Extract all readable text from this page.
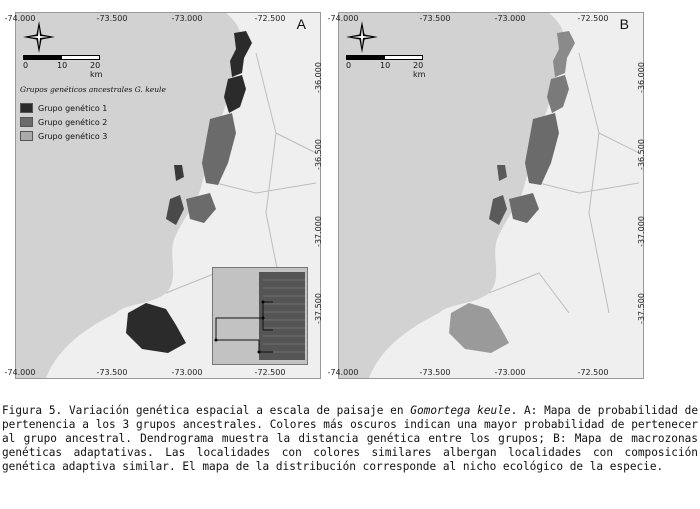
-74.000	-73.500	-73.000	-72.500
-74.000	-73.500	-73.000	-72.500
-36.000
-36.500
-37.000
-37.500
A
0	10	20 km
Grupos genéticos ancestrales G. keule
Grupo genético 1
Grupo genético 2
Grupo genético 3
-74.000	-73.500	-73.000	-72.500
-74.000	-73.500	-73.000	-72.500
-36.000
-36.500
-37.000
-37.500
B
0	10	20 km

Figura 5. Variación genética espacial a escala de paisaje en Gomortega keule. A: Mapa de probabilidad de pertenencia a los 3 grupos ancestrales. Colores más oscuros indican una mayor probabilidad de pertenecer al grupo ancestral. Dendrograma muestra la distancia genética entre los grupos; B: Mapa de macrozonas genéticas adaptativas. Las localidades con colores similares albergan localidades con composición genética adaptiva similar. El mapa de la distribución corresponde al nicho ecológico de la especie.
